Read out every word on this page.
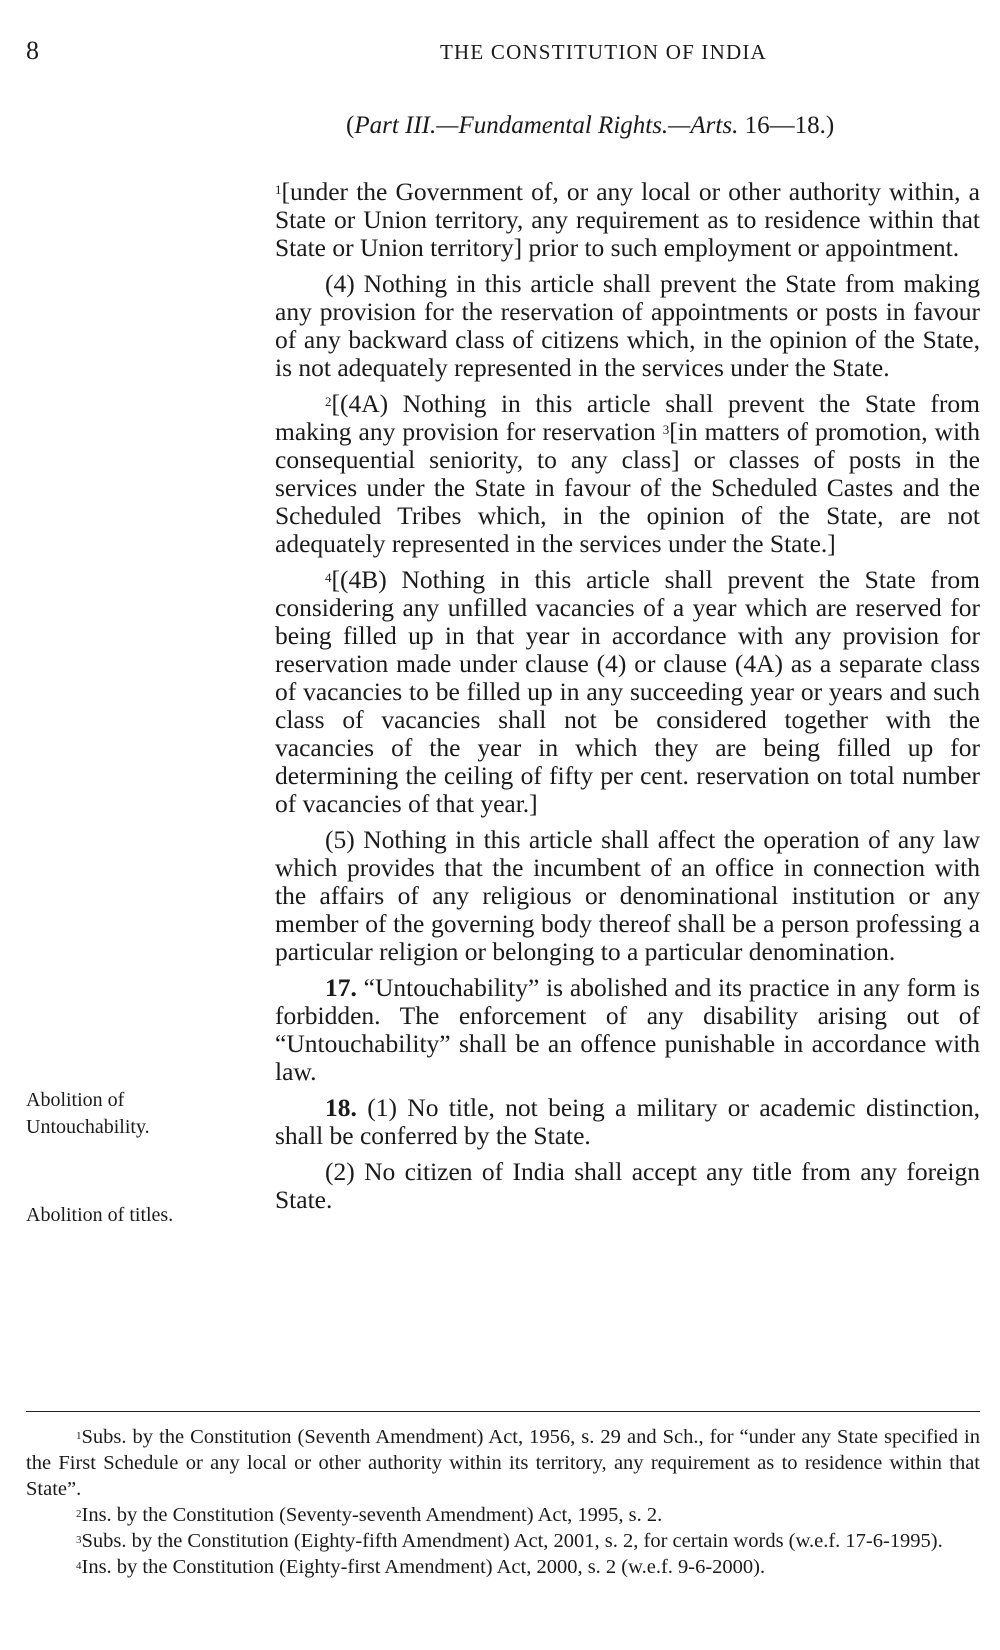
8	THE CONSTITUTION OF INDIA
(Part III.—Fundamental Rights.—Arts. 16—18.)

$^1$[under the Government of, or any local or other authority within, a State or Union territory, any requirement as to residence within that State or Union territory] prior to such employment or appointment.

(4) Nothing in this article shall prevent the State from making any provision for the reservation of appointments or posts in favour of any backward class of citizens which, in the opinion of the State, is not adequately represented in the services under the State.

$^2$[(4A) Nothing in this article shall prevent the State from making any provision for reservation $^3$[in matters of promotion, with consequential seniority, to any class] or classes of posts in the services under the State in favour of the Scheduled Castes and the Scheduled Tribes which, in the opinion of the State, are not adequately represented in the services under the State.]

$^4$[(4B) Nothing in this article shall prevent the State from considering any unfilled vacancies of a year which are reserved for being filled up in that year in accordance with any provision for reservation made under clause (4) or clause (4A) as a separate class of vacancies to be filled up in any succeeding year or years and such class of vacancies shall not be considered together with the vacancies of the year in which they are being filled up for determining the ceiling of fifty per cent. reservation on total number of vacancies of that year.]

(5) Nothing in this article shall affect the operation of any law which provides that the incumbent of an office in connection with the affairs of any religious or denominational institution or any member of the governing body thereof shall be a person professing a particular religion or belonging to a particular denomination.

17. “Untouchability” is abolished and its practice in any form is forbidden. The enforcement of any disability arising out of “Untouchability” shall be an offence punishable in accordance with law.

18. (1) No title, not being a military or academic distinction, shall be conferred by the State.

(2) No citizen of India shall accept any title from any foreign State.

Abolition of Untouchability.
Abolition of titles.

$^1$Subs. by the Constitution (Seventh Amendment) Act, 1956, s. 29 and Sch., for “under any State specified in the First Schedule or any local or other authority within its territory, any requirement as to residence within that State”.

$^2$Ins. by the Constitution (Seventy-seventh Amendment) Act, 1995, s. 2.

$^3$Subs. by the Constitution (Eighty-fifth Amendment) Act, 2001, s. 2, for certain words (w.e.f. 17-6-1995).

$^4$Ins. by the Constitution (Eighty-first Amendment) Act, 2000, s. 2 (w.e.f. 9-6-2000).
